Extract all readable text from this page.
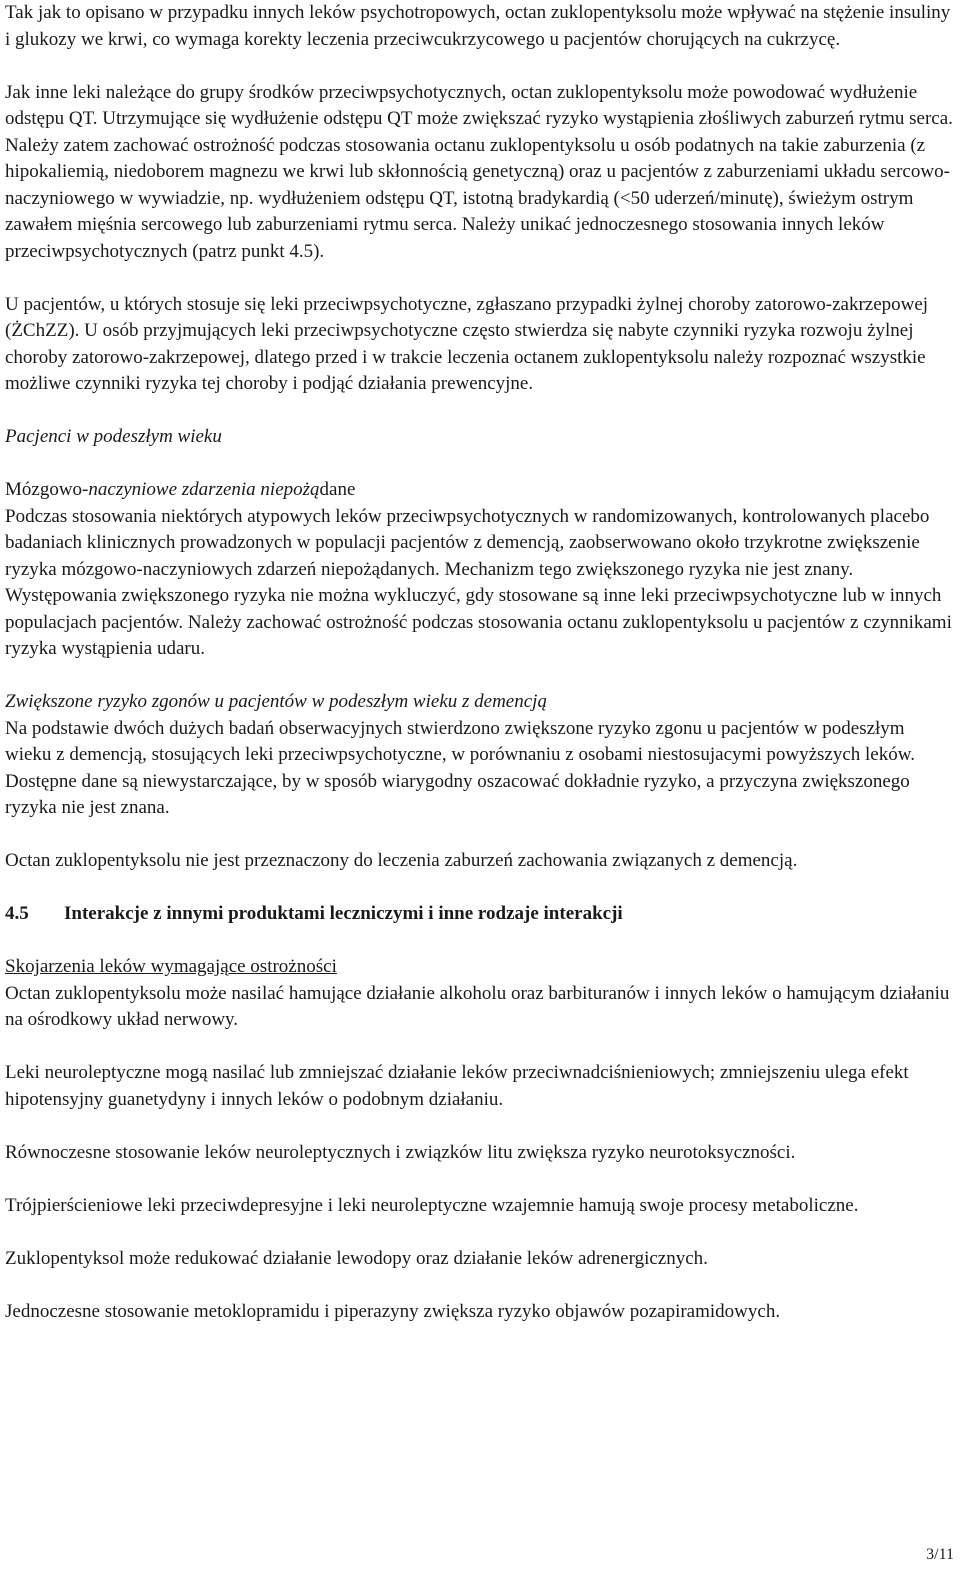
Tak jak to opisano w przypadku innych leków psychotropowych, octan zuklopentyksolu może wpływać na stężenie insuliny i glukozy we krwi, co wymaga korekty leczenia przeciwcukrzycowego u pacjentów chorujących na cukrzycę.

Jak inne leki należące do grupy środków przeciwpsychotycznych, octan zuklopentyksolu może powodować wydłużenie odstępu QT. Utrzymujące się wydłużenie odstępu QT może zwiększać ryzyko wystąpienia złośliwych zaburzeń rytmu serca. Należy zatem zachować ostrożność podczas stosowania octanu zuklopentyksolu u osób podatnych na takie zaburzenia (z hipokaliemią, niedoborem magnezu we krwi lub skłonnością genetyczną) oraz u pacjentów z zaburzeniami układu sercowo-naczyniowego w wywiadzie, np. wydłużeniem odstępu QT, istotną bradykardią (<50 uderzeń/minutę), świeżym ostrym zawałem mięśnia sercowego lub zaburzeniami rytmu serca. Należy unikać jednoczesnego stosowania innych leków przeciwpsychotycznych (patrz punkt 4.5).

U pacjentów, u których stosuje się leki przeciwpsychotyczne, zgłaszano przypadki żylnej choroby zatorowo-zakrzepowej (ŻChZZ). U osób przyjmujących leki przeciwpsychotyczne często stwierdza się nabyte czynniki ryzyka rozwoju żylnej choroby zatorowo-zakrzepowej, dlatego przed i w trakcie leczenia octanem zuklopentyksolu należy rozpoznać wszystkie możliwe czynniki ryzyka tej choroby i podjąć działania prewencyjne.

Pacjenci w podeszłym wieku

Mózgowo-naczyniowe zdarzenia niepożądane

Podczas stosowania niektórych atypowych leków przeciwpsychotycznych w randomizowanych, kontrolowanych placebo badaniach klinicznych prowadzonych w populacji pacjentów z demencją, zaobserwowano około trzykrotne zwiększenie ryzyka mózgowo-naczyniowych zdarzeń niepożądanych. Mechanizm tego zwiększonego ryzyka nie jest znany. Występowania zwiększonego ryzyka nie można wykluczyć, gdy stosowane są inne leki przeciwpsychotyczne lub w innych populacjach pacjentów. Należy zachować ostrożność podczas stosowania octanu zuklopentyksolu u pacjentów z czynnikami ryzyka wystąpienia udaru.

Zwiększone ryzyko zgonów u pacjentów w podeszłym wieku z demencją

Na podstawie dwóch dużych badań obserwacyjnych stwierdzono zwiększone ryzyko zgonu u pacjentów w podeszłym wieku z demencją, stosujących leki przeciwpsychotyczne, w porównaniu z osobami niestosujacymi powyższych leków. Dostępne dane są niewystarczające, by w sposób wiarygodny oszacować dokładnie ryzyko, a przyczyna zwiększonego ryzyka nie jest znana.

Octan zuklopentyksolu nie jest przeznaczony do leczenia zaburzeń zachowania związanych z demencją.

4.5	Interakcje z innymi produktami leczniczymi i inne rodzaje interakcji

Skojarzenia leków wymagające ostrożności

Octan zuklopentyksolu może nasilać hamujące działanie alkoholu oraz barbituranów i innych leków o hamującym działaniu na ośrodkowy układ nerwowy.

Leki neuroleptyczne mogą nasilać lub zmniejszać działanie leków przeciwnadciśnieniowych; zmniejszeniu ulega efekt hipotensyjny guanetydyny i innych leków o podobnym działaniu.

Równoczesne stosowanie leków neuroleptycznych i związków litu zwiększa ryzyko neurotoksyczności.

Trójpierścieniowe leki przeciwdepresyjne i leki neuroleptyczne wzajemnie hamują swoje procesy metaboliczne.

Zuklopentyksol może redukować działanie lewodopy oraz działanie leków adrenergicznych.

Jednoczesne stosowanie metoklopramidu i piperazyny zwiększa ryzyko objawów pozapiramidowych.

3/11
